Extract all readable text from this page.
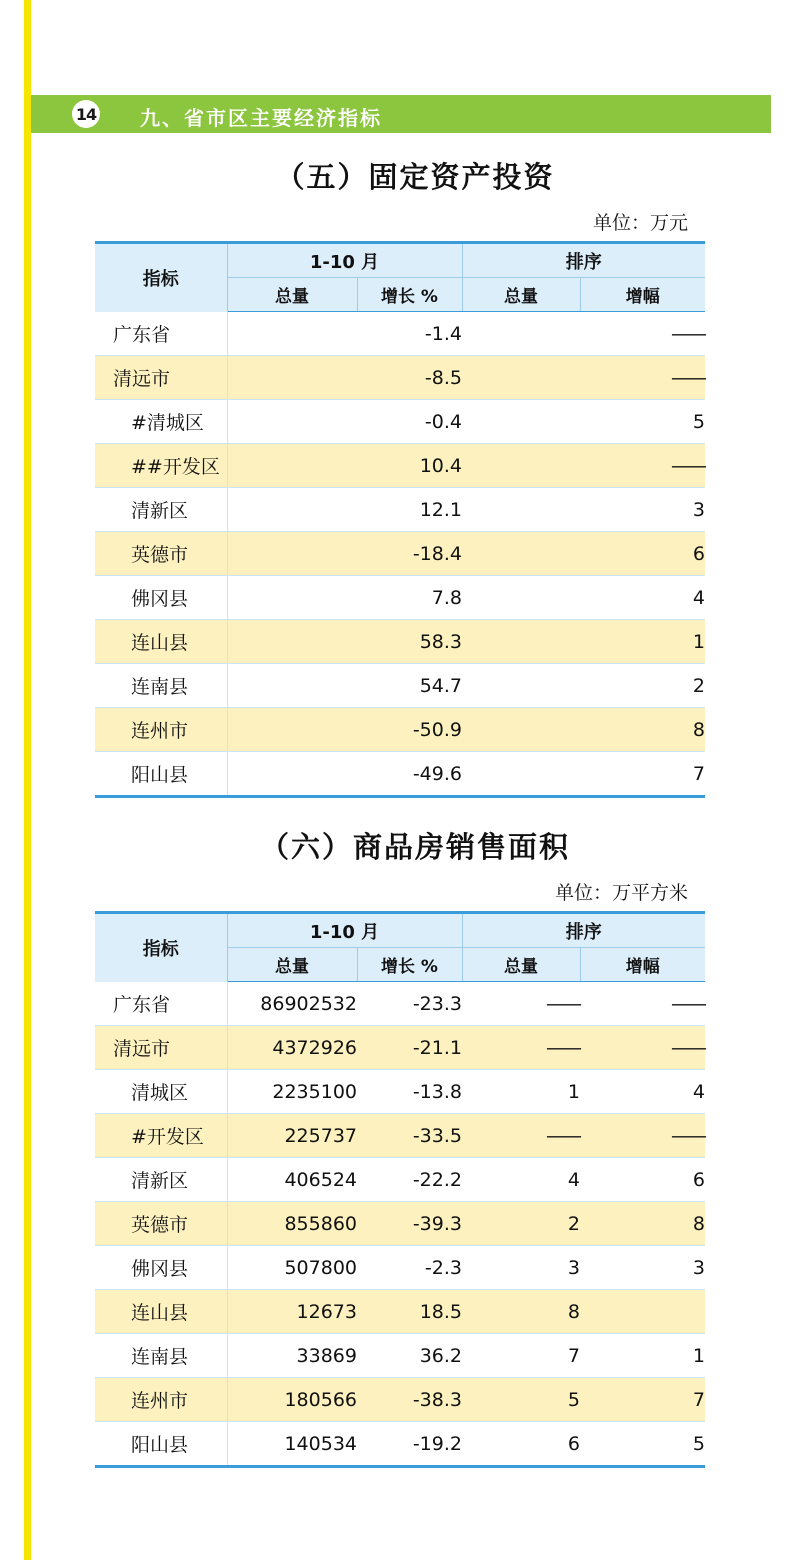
14 九、省市区主要经济指标
（五）固定资产投资
单位：万元
指标	1-10 月		排序	
	总量	增长 %	总量	增幅
广东省		-1.4		——
清远市		-8.5		——
#清城区		-0.4		5
##开发区		10.4		——
清新区		12.1		3
英德市		-18.4		6
佛冈县		7.8		4
连山县		58.3		1
连南县		54.7		2
连州市		-50.9		8
阳山县		-49.6		7
（六）商品房销售面积
单位：万平方米
指标	1-10 月		排序	
	总量	增长 %	总量	增幅
广东省	86902532	-23.3	——	——
清远市	4372926	-21.1	——	——
清城区	2235100	-13.8	1	4
#开发区	225737	-33.5	——	——
清新区	406524	-22.2	4	6
英德市	855860	-39.3	2	8
佛冈县	507800	-2.3	3	3
连山县	12673	18.5	8	
连南县	33869	36.2	7	1
连州市	180566	-38.3	5	7
阳山县	140534	-19.2	6	5
